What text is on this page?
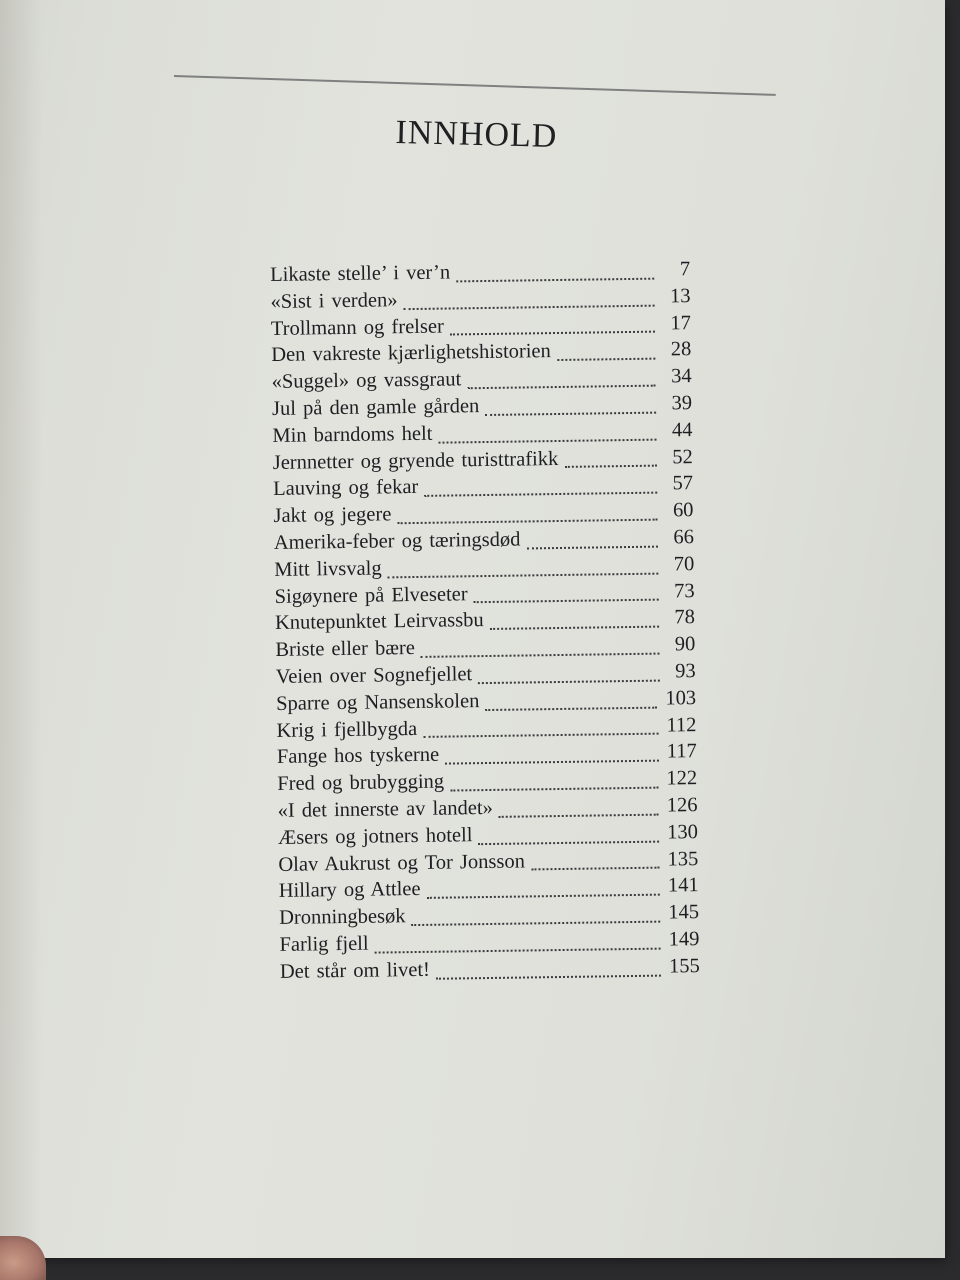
INNHOLD
Likaste stelle’ i ver’n	7
«Sist i verden»	13
Trollmann og frelser	17
Den vakreste kjærlighetshistorien	28
«Suggel» og vassgraut	34
Jul på den gamle gården	39
Min barndoms helt	44
Jernnetter og gryende turisttrafikk	52
Lauving og fekar	57
Jakt og jegere	60
Amerika-feber og tæringsdød	66
Mitt livsvalg	70
Sigøynere på Elveseter	73
Knutepunktet Leirvassbu	78
Briste eller bære	90
Veien over Sognefjellet	93
Sparre og Nansenskolen	103
Krig i fjellbygda	112
Fange hos tyskerne	117
Fred og brubygging	122
«I det innerste av landet»	126
Æsers og jotners hotell	130
Olav Aukrust og Tor Jonsson	135
Hillary og Attlee	141
Dronningbesøk	145
Farlig fjell	149
Det står om livet!	155
